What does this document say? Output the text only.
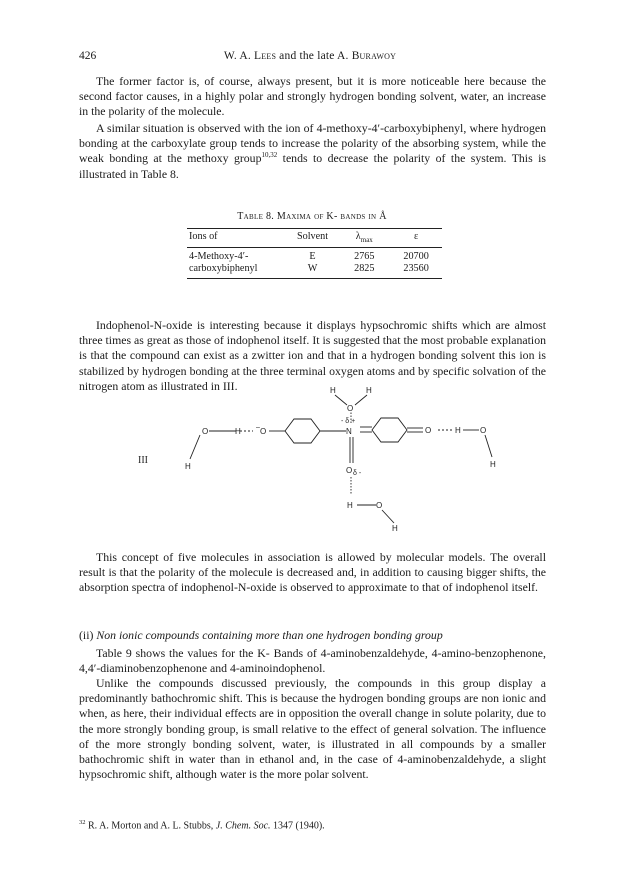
426	W. A. Lees and the late A. Burawoy

The former factor is, of course, always present, but it is more noticeable here because the second factor causes, in a highly polar and strongly hydrogen bonding solvent, water, an increase in the polarity of the molecule.

A similar situation is observed with the ion of 4-methoxy-4′-carboxybiphenyl, where hydrogen bonding at the carboxylate group tends to increase the polarity of the absorbing system, while the weak bonding at the methoxy group$^{10,32}$ tends to decrease the polarity of the system. This is illustrated in Table 8.

Table 8. Maxima of K- bands in Å
Ions of	Solvent	$\lambda_{max}$	ε
4-Methoxy-4′-	E	2765	20700
carboxybiphenyl	W	2825	23560

Indophenol-N-oxide is interesting because it displays hypsochromic shifts which are almost three times as great as those of indophenol itself. It is suggested that the most probable explanation is that the compound can exist as a zwitter ion and that in a hydrogen bonding solvent this ion is stabilized by hydrogen bonding at the three terminal oxygen atoms and by specific solvation of the nitrogen atom as illustrated in III.

III
O
H
H O
–	N
- δ +
O	H O
H
O
H	H
O δ -
H	O
H

This concept of five molecules in association is allowed by molecular models. The overall result is that the polarity of the molecule is decreased and, in addition to causing bigger shifts, the absorption spectra of indophenol-N-oxide is observed to approximate to that of indophenol itself.

(ii) Non ionic compounds containing more than one hydrogen bonding group

Table 9 shows the values for the K- Bands of 4-aminobenzaldehyde, 4-amino-benzophenone, 4,4′-diaminobenzophenone and 4-aminoindophenol.

Unlike the compounds discussed previously, the compounds in this group display a predominantly bathochromic shift. This is because the hydrogen bonding groups are non ionic and when, as here, their individual effects are in opposition the overall change in solute polarity, due to the more strongly bonding group, is small relative to the effect of general solvation. The influence of the more strongly bonding solvent, water, is illustrated in all compounds by a smaller bathochromic shift in water than in ethanol and, in the case of 4-aminobenzaldehyde, a slight hypsochromic shift, although water is the more polar solvent.

$^{32}$ R. A. Morton and A. L. Stubbs, J. Chem. Soc. 1347 (1940).
